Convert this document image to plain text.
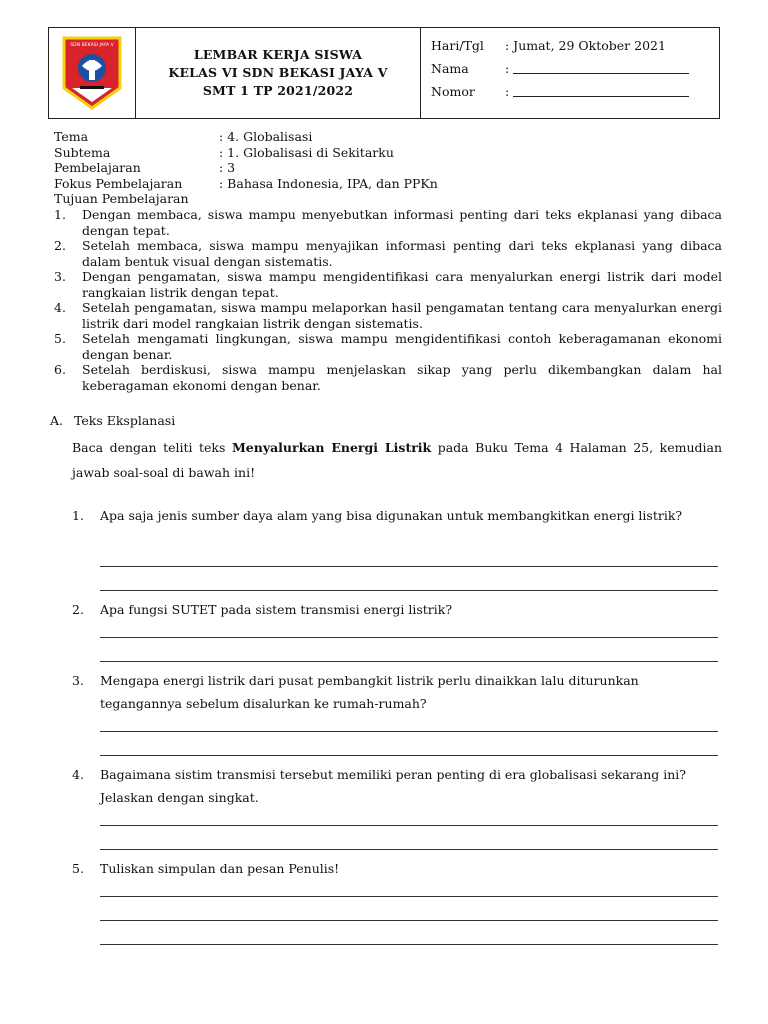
SDN BEKASI JAYA V
LEMBAR KERJA SISWA
KELAS VI SDN BEKASI JAYA V
SMT 1 TP 2021/2022
Hari/Tgl	: Jumat, 29 Oktober 2021
Nama	:
Nomor	:
Tema	: 4. Globalisasi
Subtema	: 1. Globalisasi di Sekitarku
Pembelajaran	: 3
Fokus Pembelajaran	: Bahasa Indonesia, IPA, dan PPKn
Tujuan Pembelajaran
1.	Dengan membaca, siswa mampu menyebutkan informasi penting dari teks ekplanasi yang dibaca dengan tepat.
2.	Setelah membaca, siswa mampu menyajikan informasi penting dari teks ekplanasi yang dibaca dalam bentuk visual dengan sistematis.
3.	Dengan pengamatan, siswa mampu mengidentifikasi cara menyalurkan energi listrik dari model rangkaian listrik dengan tepat.
4.	Setelah pengamatan, siswa mampu melaporkan hasil pengamatan tentang cara menyalurkan energi listrik dari model rangkaian listrik dengan sistematis.
5.	Setelah mengamati lingkungan, siswa mampu mengidentifikasi contoh keberagamanan ekonomi dengan benar.
6.	Setelah berdiskusi, siswa mampu menjelaskan sikap yang perlu dikembangkan dalam hal keberagaman ekonomi dengan benar.
A. Teks Eksplanasi
Baca dengan teliti teks Menyalurkan Energi Listrik pada Buku Tema 4 Halaman 25, kemudian jawab soal-soal di bawah ini!
1.	Apa saja jenis sumber daya alam yang bisa digunakan untuk membangkitkan energi listrik?
2.	Apa fungsi SUTET pada sistem transmisi energi listrik?
3.	Mengapa energi listrik dari pusat pembangkit listrik perlu dinaikkan lalu diturunkan tegangannya sebelum disalurkan ke rumah-rumah?
4.	Bagaimana sistim transmisi tersebut memiliki peran penting di era globalisasi sekarang ini? Jelaskan dengan singkat.
5.	Tuliskan simpulan dan pesan Penulis!
